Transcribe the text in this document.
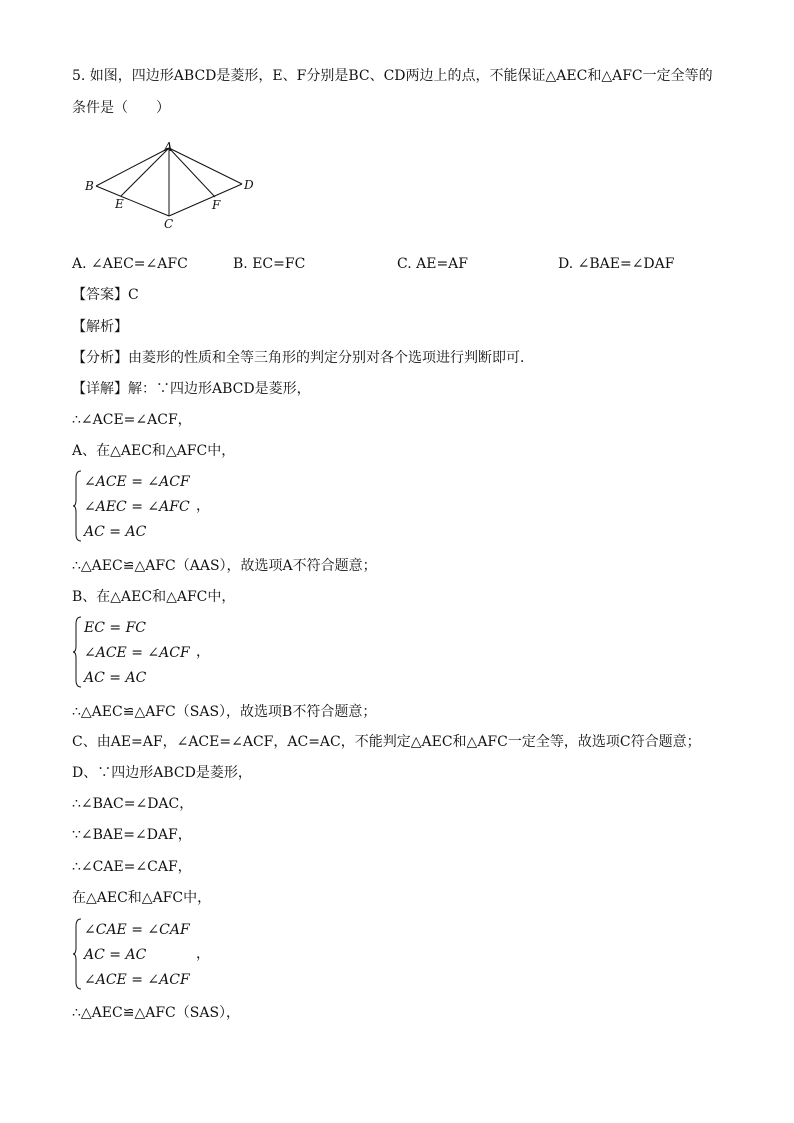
5. 如图，四边形ABCD是菱形，E、F分别是BC、CD两边上的点，不能保证△AEC和△AFC一定全等的
条件是（　　）
A
B
C
D
E	F
A. ∠AEC=∠AFC	B. EC=FC	C. AE=AF	D. ∠BAE=∠DAF
【答案】C
【解析】
【分析】由菱形的性质和全等三角形的判定分别对各个选项进行判断即可．
【详解】解：∵四边形ABCD是菱形，
∴∠ACE=∠ACF，
A、在△AEC和△AFC中，
∠ACE = ∠ACF
∠AEC = ∠AFC
AC = AC
，
∴△AEC≌△AFC（AAS），故选项A不符合题意；
B、在△AEC和△AFC中，
EC = FC
∠ACE = ∠ACF
AC = AC
，
∴△AEC≌△AFC（SAS），故选项B不符合题意；
C、由AE=AF，∠ACE=∠ACF，AC=AC，不能判定△AEC和△AFC一定全等，故选项C符合题意；
D、∵四边形ABCD是菱形，
∴∠BAC=∠DAC，
∵∠BAE=∠DAF，
∴∠CAE=∠CAF，
在△AEC和△AFC中，
∠CAE = ∠CAF
AC = AC
∠ACE = ∠ACF
，
∴△AEC≌△AFC（SAS），
